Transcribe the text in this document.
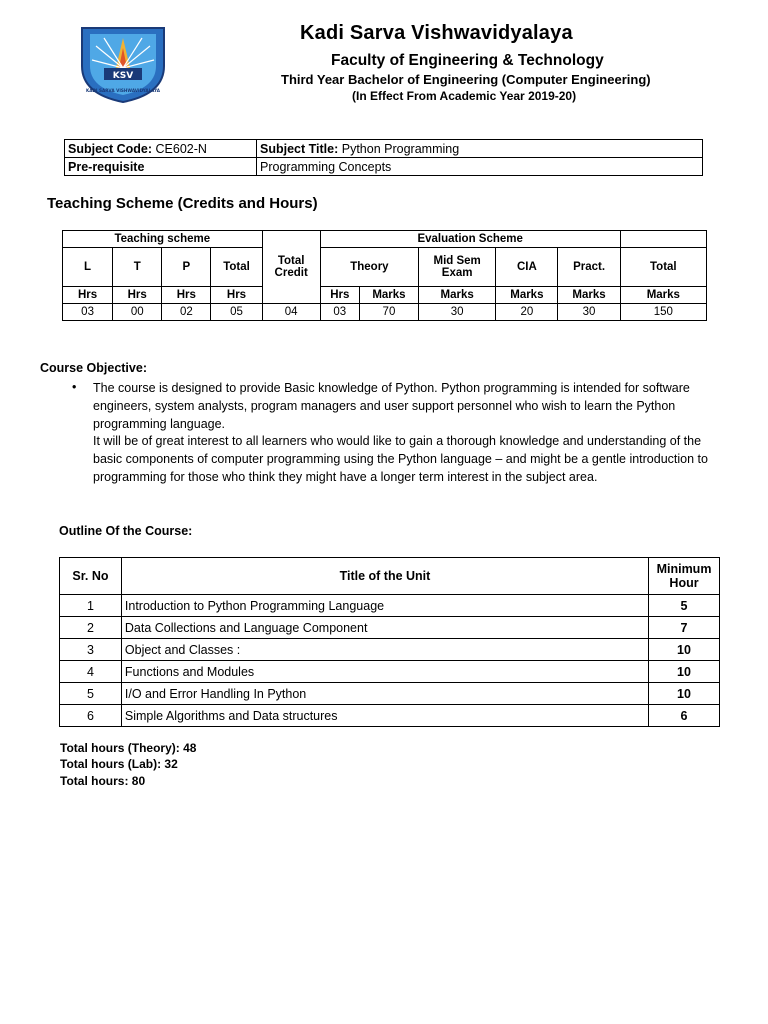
KSV
KADI SARVA VISHWAVIDYALAYA
Kadi Sarva Vishwavidyalaya
Faculty of Engineering & Technology
Third Year Bachelor of Engineering (Computer Engineering)
(In Effect From Academic Year 2019-20)
Subject Code: CE602-N	Subject Title: Python Programming
Pre-requisite	Programming Concepts
Teaching Scheme (Credits and Hours)
Teaching scheme				Total Credit	Evaluation Scheme					
L	T	P	Total		Theory		Mid Sem Exam	CIA	Pract.	Total
Hrs	Hrs	Hrs	Hrs		Hrs	Marks	Marks	Marks	Marks	Marks
03	00	02	05	04	03	70	30	20	30	150
Course Objective:
• The course is designed to provide Basic knowledge of Python. Python programming is intended for software engineers, system analysts, program managers and user support personnel who wish to learn the Python programming language.

It will be of great interest to all learners who would like to gain a thorough knowledge and understanding of the basic components of computer programming using the Python language – and might be a gentle introduction to programming for those who think they might have a longer term interest in the subject area.

Outline Of the Course:
Sr. No	Title of the Unit	Minimum Hour
1	Introduction to Python Programming Language	5
2	Data Collections and Language Component	7
3	Object and Classes :	10
4	Functions and Modules	10
5	I/O and Error Handling In Python	10
6	Simple Algorithms and Data structures	6
Total hours (Theory): 48
Total hours (Lab): 32
Total hours: 80
